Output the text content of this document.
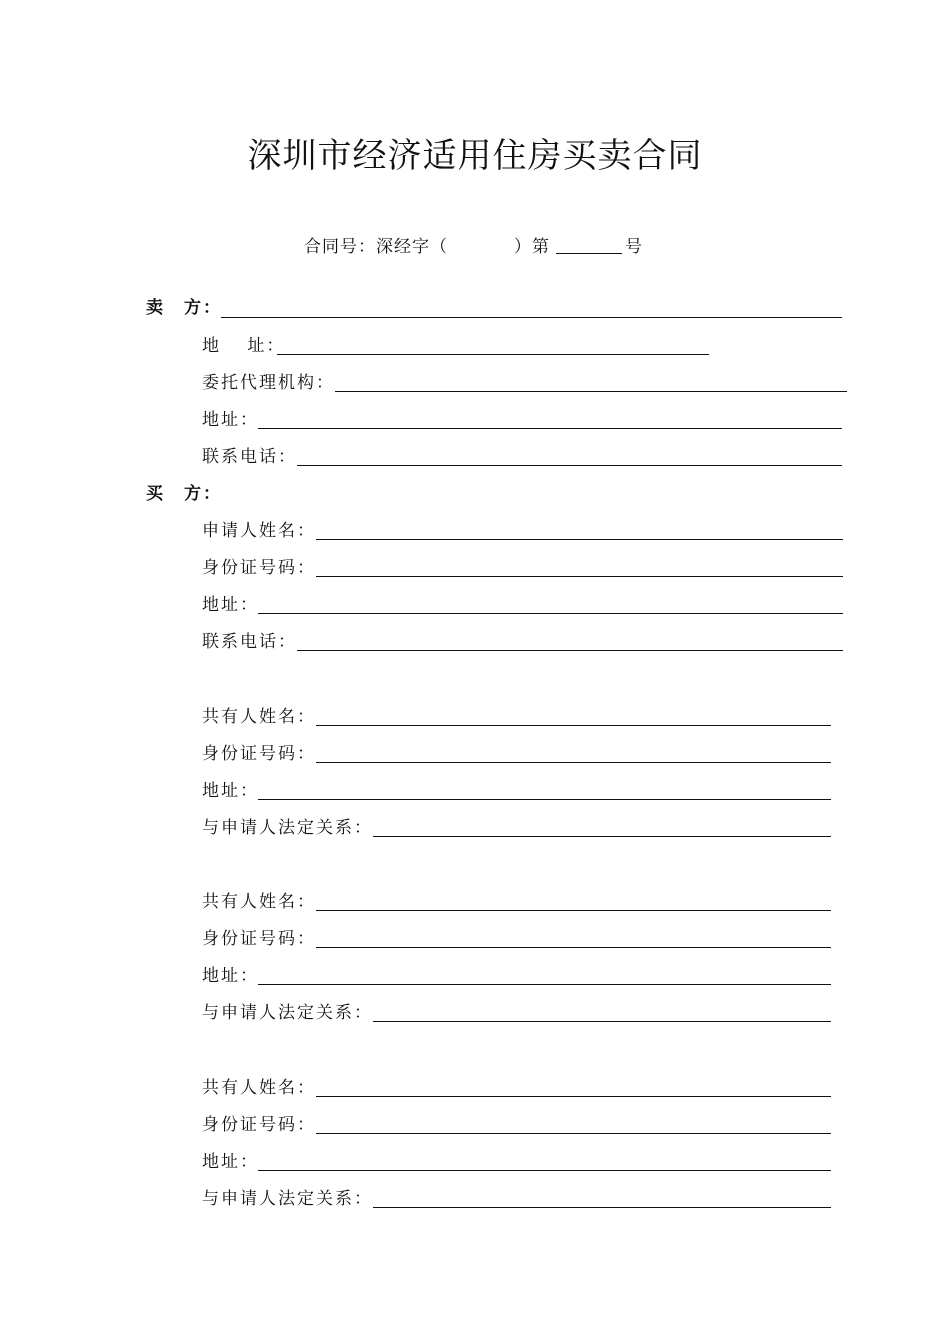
深圳市经济适用住房买卖合同
合同号：深经字（	）第	号
卖　方：
地　 址：
委托代理机构：
地址：
联系电话：
买　方：
申请人姓名：
身份证号码：
地址：
联系电话：
共有人姓名：
身份证号码：
地址：
与申请人法定关系：
共有人姓名：
身份证号码：
地址：
与申请人法定关系：
共有人姓名：
身份证号码：
地址：
与申请人法定关系：
